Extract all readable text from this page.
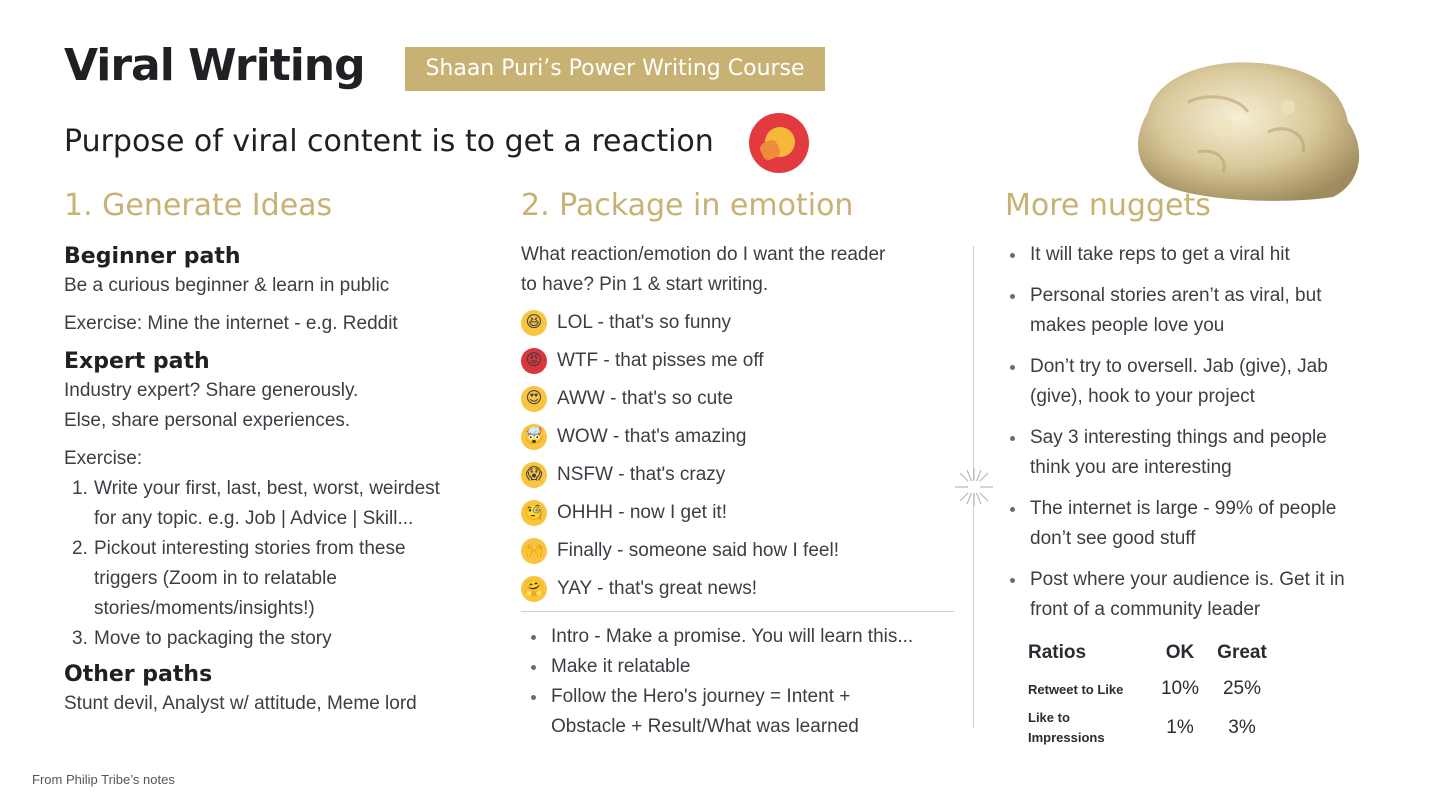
Viral Writing	Shaan Puri’s Power Writing Course
Purpose of viral content is to get a reaction
1. Generate Ideas	2. Package in emotion	More nuggets
Beginner path
Be a curious beginner & learn in public
Exercise: Mine the internet - e.g. Reddit
Expert path
Industry expert? Share generously.
Else, share personal experiences.
Exercise:
1. Write your first, last, best, worst, weirdest
for any topic. e.g. Job | Advice | Skill...
2. Pickout interesting stories from these
triggers (Zoom in to relatable
stories/moments/insights!)
3. Move to packaging the story
Other paths
Stunt devil, Analyst w/ attitude, Meme lord
What reaction/emotion do I want the reader
to have? Pin 1 & start writing.
😆 LOL - that's so funny
😡 WTF - that pisses me off
😍 AWW - that's so cute
🤯 WOW - that's amazing
😱 NSFW - that's crazy
🧐 OHHH - now I get it!
🙌 Finally - someone said how I feel!
🤗 YAY - that's great news!
Intro - Make a promise. You will learn this...
Make it relatable
Follow the Hero's journey = Intent +
Obstacle + Result/What was learned
It will take reps to get a viral hit
Personal stories aren’t as viral, but
makes people love you
Don’t try to oversell. Jab (give), Jab
(give), hook to your project
Say 3 interesting things and people
think you are interesting
The internet is large - 99% of people
don’t see good stuff
Post where your audience is. Get it in
front of a community leader
Ratios	OK	Great
Retweet to Like	10%	25%

Like to
Impressions	1%	3%
From Philip Tribe’s notes
